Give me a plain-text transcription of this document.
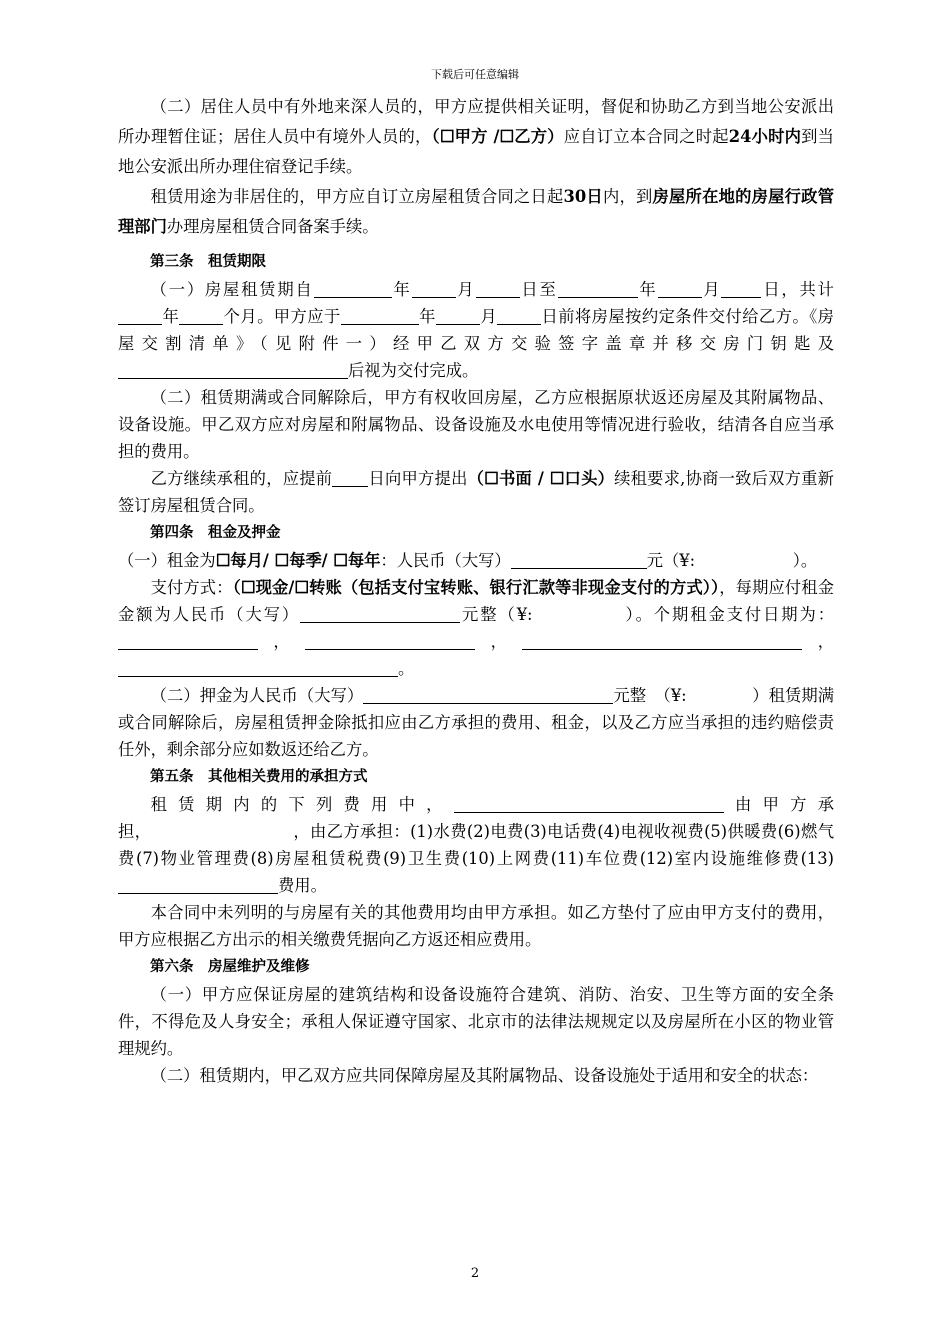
下载后可任意编辑

（二）居住人员中有外地来深人员的，甲方应提供相关证明，督促和协助乙方到当地公安派出所办理暂住证；居住人员中有境外人员的，（☐甲方 /☐乙方）应自订立本合同之时起24小时内到当地公安派出所办理住宿登记手续。

租赁用途为非居住的，甲方应自订立房屋租赁合同之日起30日内，到房屋所在地的房屋行政管理部门办理房屋租赁合同备案手续。

第三条　租赁期限

（一）房屋租赁期自	年	月	日至	年	月 日，共计年	个月。甲方应于	年	月	日前将房屋按约定条件交付给乙方。《房屋交割清单》（见附件一）经甲乙双方交验签字盖章并移交房门钥匙及后视为交付完成。

（二）租赁期满或合同解除后，甲方有权收回房屋，乙方应根据原状返还房屋及其附属物品、设备设施。甲乙双方应对房屋和附属物品、设备设施及水电使用等情况进行验收，结清各自应当承担的费用。

乙方继续承租的，应提前 日向甲方提出（☐书面 / ☐口头）续租要求,协商一致后双方重新签订房屋租赁合同。

第四条　租金及押金

（一）租金为☐每月/ ☐每季/ ☐每年：人民币（大写）	元（¥:　　　　　　）。

支付方式：（☐现金/☐转账（包括支付宝转账、银行汇款等非现金支付的方式）），每期应付租金金额为人民币（大写）	元整（¥:　　　　　）。个期租金支付日期为：，	，	，。

（二）押金为人民币（大写）	元整　（¥:　　　　）租赁期满或合同解除后，房屋租赁押金除抵扣应由乙方承担的费用、租金，以及乙方应当承担的违约赔偿责任外，剩余部分应如数返还给乙方。

第五条　其他相关费用的承担方式

租赁期内的下列费用中，	由甲方承担，　　　　　　　　　，由乙方承担：(1)水费(2)电费(3)电话费(4)电视收视费(5)供暖费(6)燃气费(7)物业管理费(8)房屋租赁税费(9)卫生费(10)上网费(11)车位费(12)室内设施维修费(13)费用。

本合同中未列明的与房屋有关的其他费用均由甲方承担。如乙方垫付了应由甲方支付的费用，甲方应根据乙方出示的相关缴费凭据向乙方返还相应费用。

第六条　房屋维护及维修

（一）甲方应保证房屋的建筑结构和设备设施符合建筑、消防、治安、卫生等方面的安全条件，不得危及人身安全；承租人保证遵守国家、北京市的法律法规规定以及房屋所在小区的物业管理规约。

（二）租赁期内，甲乙双方应共同保障房屋及其附属物品、设备设施处于适用和安全的状态：

2
